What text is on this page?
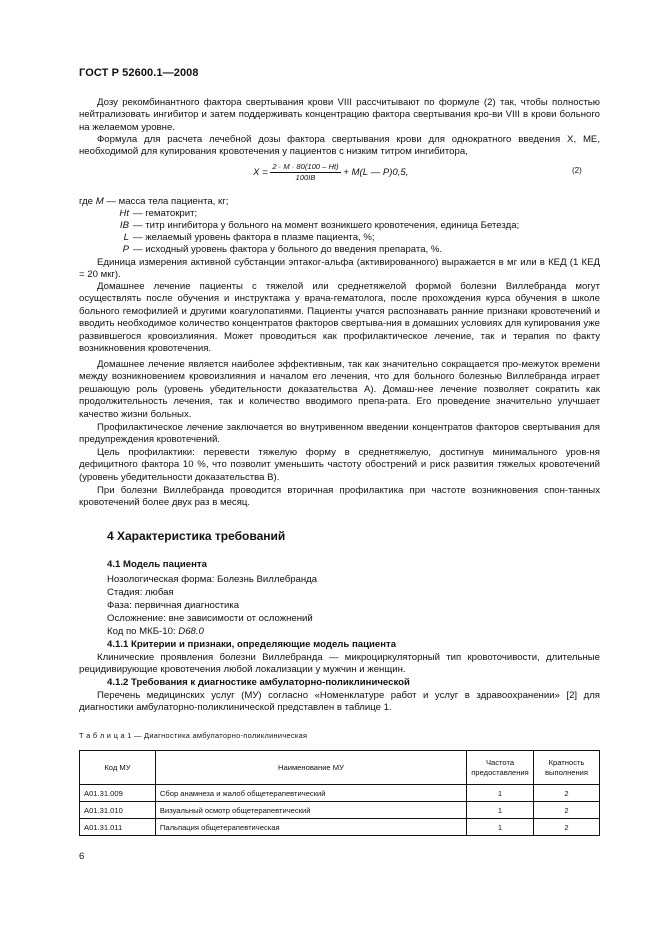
ГОСТ Р 52600.1—2008
Дозу рекомбинантного фактора свертывания крови VIII рассчитывают по формуле (2) так, чтобы полностью нейтрализовать ингибитор и затем поддерживать концентрацию фактора свертывания кро-ви VIII в крови больного на желаемом уровне.
Формула для расчета лечебной дозы фактора свертывания крови для однократного введения X, МЕ, необходимой для купирования кровотечения у пациентов с низким титром ингибитора,
$X = \frac{2 \cdot M \cdot 80(100 - Ht)}{100IB} + M(L$ — P)0,5,	(2)
где M — масса тела пациента, кг;
Ht — гематокрит;
IB — титр ингибитора у больного на момент возникшего кровотечения, единица Бетезда;
L — желаемый уровень фактора в плазме пациента, %;
P — исходный уровень фактора у больного до введения препарата, %.
Единица измерения активной субстанции эптаког-альфа (активированного) выражается в мг или в КЕД (1 КЕД = 20 мкг).
Домашнее лечение пациенты с тяжелой или среднетяжелой формой болезни Виллебранда могут осуществлять после обучения и инструктажа у врача-гематолога, после прохождения курса обучения в школе больного гемофилией и другими коагулопатиями. Пациенты учатся распознавать ранние признаки кровотечений и вводить необходимое количество концентратов факторов свертыва-ния в домашних условиях для купирования уже развившегося кровоизлияния. Может проводиться как профилактическое лечение, так и терапия по факту возникновения кровотечения.
Домашнее лечение является наиболее эффективным, так как значительно сокращается про-межуток времени между возникновением кровоизлияния и началом его лечения, что для больного болезнью Виллебранда играет решающую роль (уровень убедительности доказательства А). Домаш-нее лечение позволяет сократить как продолжительность лечения, так и количество вводимого препа-рата. Его проведение значительно улучшает качество жизни больных.
Профилактическое лечение заключается во внутривенном введении концентратов факторов свертывания для предупреждения кровотечений.
Цель профилактики: перевести тяжелую форму в среднетяжелую, достигнув минимального уров-ня дефицитного фактора 10 %, что позволит уменьшить частоту обострений и риск развития тяжелых кровотечений (уровень убедительности доказательства В).
При болезни Виллебранда проводится вторичная профилактика при частоте возникновения спон-танных кровотечений более двух раз в месяц.
4 Характеристика требований
4.1 Модель пациента
Нозологическая форма: Болезнь Виллебранда
Стадия: любая
Фаза: первичная диагностика
Осложнение: вне зависимости от осложнений
Код по МКБ-10: D68.0
4.1.1 Критерии и признаки, определяющие модель пациента
Клинические проявления болезни Виллебранда — микроциркуляторный тип кровоточивости, длительные рецидивирующие кровотечения любой локализации у мужчин и женщин.
4.1.2 Требования к диагностике амбулаторно-поликлинической
Перечень медицинских услуг (МУ) согласно «Номенклатуре работ и услуг в здравоохранении» [2] для диагностики амбулаторно-поликлинической представлен в таблице 1.
Т а б л и ц а 1 — Диагностика амбулаторно-поликлиническая
Код МУ	Наименование МУ	Частота предоставления	Кратность выполнения
А01.31.009	Сбор анамнеза и жалоб общетерапевтический	1	2
А01.31.010	Визуальный осмотр общетерапевтический	1	2
А01.31.011	Пальпация общетерапевтическая	1	2
6
